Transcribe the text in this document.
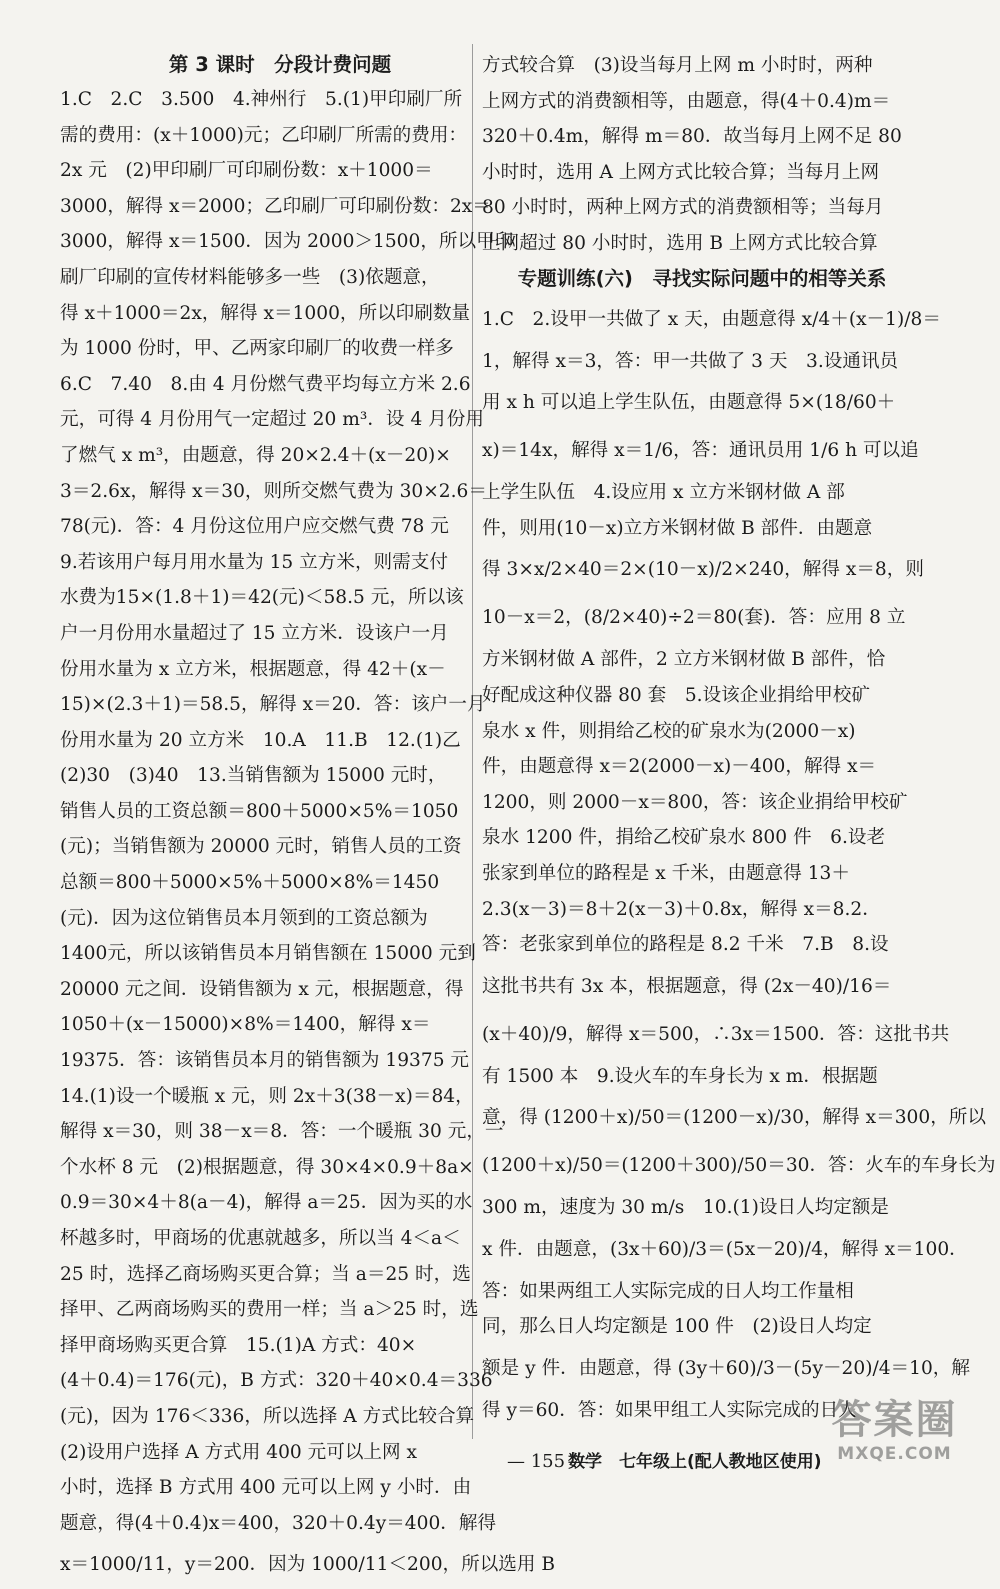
第 3 课时　分段计费问题
1.C　2.C　3.500　4.神州行　5.(1)甲印刷厂所
需的费用：(x＋1000)元；乙印刷厂所需的费用：
2x 元　(2)甲印刷厂可印刷份数：x＋1000＝
3000，解得 x＝2000；乙印刷厂可印刷份数：2x＝
3000，解得 x＝1500．因为 2000＞1500，所以甲印
刷厂印刷的宣传材料能够多一些　(3)依题意，
得 x＋1000＝2x，解得 x＝1000，所以印刷数量
为 1000 份时，甲、乙两家印刷厂的收费一样多
6.C　7.40　8.由 4 月份燃气费平均每立方米 2.6
元，可得 4 月份用气一定超过 20 m³．设 4 月份用
了燃气 x m³，由题意，得 20×2.4＋(x－20)×
3＝2.6x，解得 x＝30，则所交燃气费为 30×2.6＝
78(元)．答：4 月份这位用户应交燃气费 78 元
9.若该用户每月用水量为 15 立方米，则需支付
水费为15×(1.8＋1)＝42(元)＜58.5 元，所以该
户一月份用水量超过了 15 立方米．设该户一月
份用水量为 x 立方米，根据题意，得 42＋(x－
15)×(2.3＋1)＝58.5，解得 x＝20．答：该户一月
份用水量为 20 立方米　10.A　11.B　12.(1)乙
(2)30　(3)40　13.当销售额为 15000 元时，
销售人员的工资总额＝800＋5000×5%＝1050
(元)；当销售额为 20000 元时，销售人员的工资
总额＝800＋5000×5%＋5000×8%＝1450
(元)．因为这位销售员本月领到的工资总额为
1400元，所以该销售员本月销售额在 15000 元到
20000 元之间．设销售额为 x 元，根据题意，得
1050＋(x－15000)×8%＝1400，解得 x＝
19375．答：该销售员本月的销售额为 19375 元
14.(1)设一个暖瓶 x 元，则 2x＋3(38－x)＝84，
解得 x＝30，则 38－x＝8．答：一个暖瓶 30 元，一
个水杯 8 元　(2)根据题意，得 30×4×0.9＋8a×
0.9＝30×4＋8(a－4)，解得 a＝25．因为买的水
杯越多时，甲商场的优惠就越多，所以当 4＜a＜
25 时，选择乙商场购买更合算；当 a＝25 时，选
择甲、乙两商场购买的费用一样；当 a＞25 时，选
择甲商场购买更合算　15.(1)A 方式：40×
(4＋0.4)＝176(元)，B 方式：320＋40×0.4＝336
(元)，因为 176＜336，所以选择 A 方式比较合算
(2)设用户选择 A 方式用 400 元可以上网 x
小时，选择 B 方式用 400 元可以上网 y 小时．由
题意，得(4＋0.4)x＝400，320＋0.4y＝400．解得
x＝1000/11，y＝200．因为 1000/11＜200，所以选用 B
方式较合算　(3)设当每月上网 m 小时时，两种
上网方式的消费额相等，由题意，得(4＋0.4)m＝
320＋0.4m，解得 m＝80．故当每月上网不足 80
小时时，选用 A 上网方式比较合算；当每月上网
80 小时时，两种上网方式的消费额相等；当每月
上网超过 80 小时时，选用 B 上网方式比较合算
专题训练(六)　寻找实际问题中的相等关系
1.C　2.设甲一共做了 x 天，由题意得 x/4＋(x－1)/8＝
1，解得 x＝3，答：甲一共做了 3 天　3.设通讯员
用 x h 可以追上学生队伍，由题意得 5×(18/60＋
x)＝14x，解得 x＝1/6，答：通讯员用 1/6 h 可以追
上学生队伍　4.设应用 x 立方米钢材做 A 部
件，则用(10－x)立方米钢材做 B 部件．由题意
得 3×x/2×40＝2×(10－x)/2×240，解得 x＝8，则
10－x＝2，(8/2×40)÷2＝80(套)．答：应用 8 立
方米钢材做 A 部件，2 立方米钢材做 B 部件，恰
好配成这种仪器 80 套　5.设该企业捐给甲校矿
泉水 x 件，则捐给乙校的矿泉水为(2000－x)
件，由题意得 x＝2(2000－x)－400，解得 x＝
1200，则 2000－x＝800，答：该企业捐给甲校矿
泉水 1200 件，捐给乙校矿泉水 800 件　6.设老
张家到单位的路程是 x 千米，由题意得 13＋
2.3(x－3)＝8＋2(x－3)＋0.8x，解得 x＝8.2．
答：老张家到单位的路程是 8.2 千米　7.B　8.设
这批书共有 3x 本，根据题意，得 (2x－40)/16＝
(x＋40)/9，解得 x＝500，∴3x＝1500．答：这批书共
有 1500 本　9.设火车的车身长为 x m．根据题
意，得 (1200＋x)/50＝(1200－x)/30，解得 x＝300，所以
(1200＋x)/50＝(1200＋300)/50＝30．答：火车的车身长为
300 m，速度为 30 m/s　10.(1)设日人均定额是
x 件．由题意，(3x＋60)/3＝(5x－20)/4，解得 x＝100．
答：如果两组工人实际完成的日人均工作量相
同，那么日人均定额是 100 件　(2)设日人均定
额是 y 件．由题意，得 (3y＋60)/3－(5y－20)/4＝10，解
得 y＝60．答：如果甲组工人实际完成的日人
— 155 —
数学　七年级上(配人教地区使用)
答案圈
MXQE.COM
